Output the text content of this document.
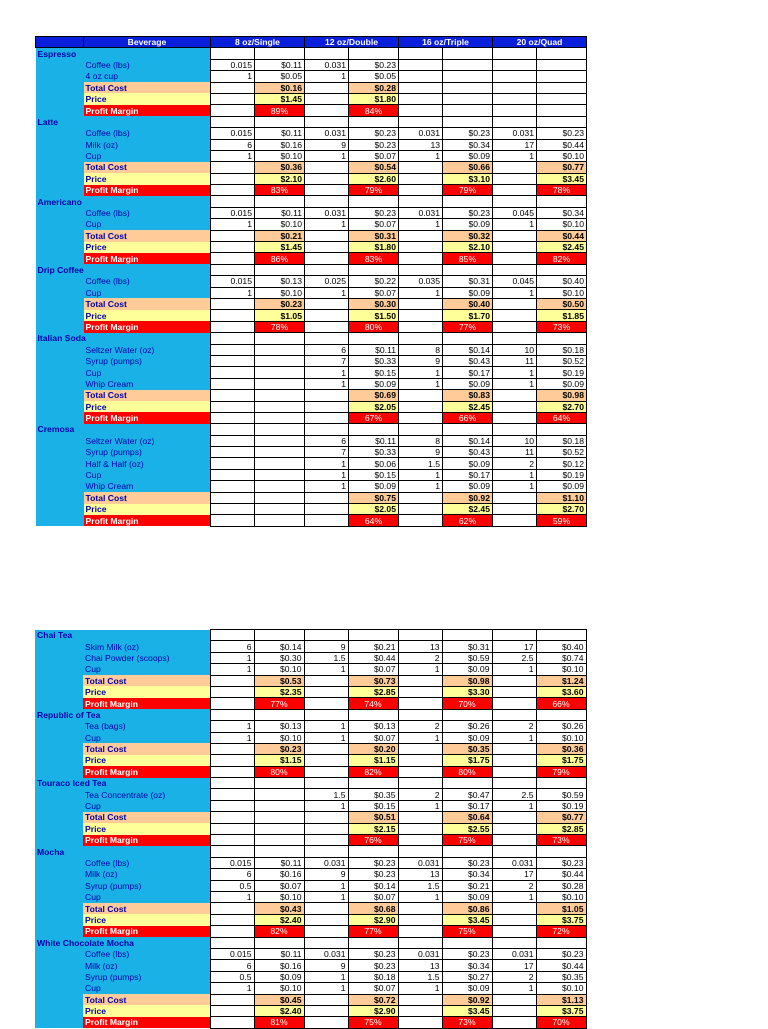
	Beverage	8 oz/Single		12 oz/Double		16 oz/Triple		20 oz/Quad	
Espresso									
	Coffee (lbs)	0.015	$0.11	0.031	$0.23				
	4 oz cup	1	$0.05	1	$0.05				
	Total Cost		$0.16		$0.28				
	Price		$1.45		$1.80				
	Profit Margin		89%		84%				
Latte									
	Coffee (lbs)	0.015	$0.11	0.031	$0.23	0.031	$0.23	0.031	$0.23
	Milk (oz)	6	$0.16	9	$0.23	13	$0.34	17	$0.44
	Cup	1	$0.10	1	$0.07	1	$0.09	1	$0.10
	Total Cost		$0.36		$0.54		$0.66		$0.77
	Price		$2.10		$2.60		$3.10		$3.45
	Profit Margin		83%		79%		79%		78%
Americano									
	Coffee (lbs)	0.015	$0.11	0.031	$0.23	0.031	$0.23	0.045	$0.34
	Cup	1	$0.10	1	$0.07	1	$0.09	1	$0.10
	Total Cost		$0.21		$0.31		$0.32		$0.44
	Price		$1.45		$1.80		$2.10		$2.45
	Profit Margin		86%		83%		85%		82%
Drip Coffee									
	Coffee (lbs)	0.015	$0.13	0.025	$0.22	0.035	$0.31	0.045	$0.40
	Cup	1	$0.10	1	$0.07	1	$0.09	1	$0.10
	Total Cost		$0.23		$0.30		$0.40		$0.50
	Price		$1.05		$1.50		$1.70		$1.85
	Profit Margin		78%		80%		77%		73%
Italian Soda									
	Seltzer Water (oz)			6	$0.11	8	$0.14	10	$0.18
	Syrup (pumps)			7	$0.33	9	$0.43	11	$0.52
	Cup			1	$0.15	1	$0.17	1	$0.19
	Whip Cream			1	$0.09	1	$0.09	1	$0.09
	Total Cost				$0.69		$0.83		$0.98
	Price				$2.05		$2.45		$2.70
	Profit Margin				67%		66%		64%
Cremosa									
	Seltzer Water (oz)			6	$0.11	8	$0.14	10	$0.18
	Syrup (pumps)			7	$0.33	9	$0.43	11	$0.52
	Half & Half (oz)			1	$0.06	1.5	$0.09	2	$0.12
	Cup			1	$0.15	1	$0.17	1	$0.19
	Whip Cream			1	$0.09	1	$0.09	1	$0.09
	Total Cost				$0.75		$0.92		$1.10
	Price				$2.05		$2.45		$2.70
	Profit Margin				64%		62%		59%
Chai Tea									
	Skim Milk (oz)	6	$0.14	9	$0.21	13	$0.31	17	$0.40
	Chai Powder (scoops)	1	$0.30	1.5	$0.44	2	$0.59	2.5	$0.74
	Cup	1	$0.10	1	$0.07	1	$0.09	1	$0.10
	Total Cost		$0.53		$0.73		$0.98		$1.24
	Price		$2.35		$2.85		$3.30		$3.60
	Profit Margin		77%		74%		70%		66%
Republic of Tea									
	Tea (bags)	1	$0.13	1	$0.13	2	$0.26	2	$0.26
	Cup	1	$0.10	1	$0.07	1	$0.09	1	$0.10
	Total Cost		$0.23		$0.20		$0.35		$0.36
	Price		$1.15		$1.15		$1.75		$1.75
	Profit Margin		80%		82%		80%		79%
Touraco Iced Tea									
	Tea Concentrate (oz)			1.5	$0.35	2	$0.47	2.5	$0.59
	Cup			1	$0.15	1	$0.17	1	$0.19
	Total Cost				$0.51		$0.64		$0.77
	Price				$2.15		$2.55		$2.85
	Profit Margin				76%		75%		73%
Mocha									
	Coffee (lbs)	0.015	$0.11	0.031	$0.23	0.031	$0.23	0.031	$0.23
	Milk (oz)	6	$0.16	9	$0.23	13	$0.34	17	$0.44
	Syrup (pumps)	0.5	$0.07	1	$0.14	1.5	$0.21	2	$0.28
	Cup	1	$0.10	1	$0.07	1	$0.09	1	$0.10
	Total Cost		$0.43		$0.68		$0.86		$1.05
	Price		$2.40		$2.90		$3.45		$3.75
	Profit Margin		82%		77%		75%		72%
White Chocolate Mocha									
	Coffee (lbs)	0.015	$0.11	0.031	$0.23	0.031	$0.23	0.031	$0.23
	Milk (oz)	6	$0.16	9	$0.23	13	$0.34	17	$0.44
	Syrup (pumps)	0.5	$0.09	1	$0.18	1.5	$0.27	2	$0.35
	Cup	1	$0.10	1	$0.07	1	$0.09	1	$0.10
	Total Cost		$0.45		$0.72		$0.92		$1.13
	Price		$2.40		$2.90		$3.45		$3.75
	Profit Margin		81%		75%		73%		70%
